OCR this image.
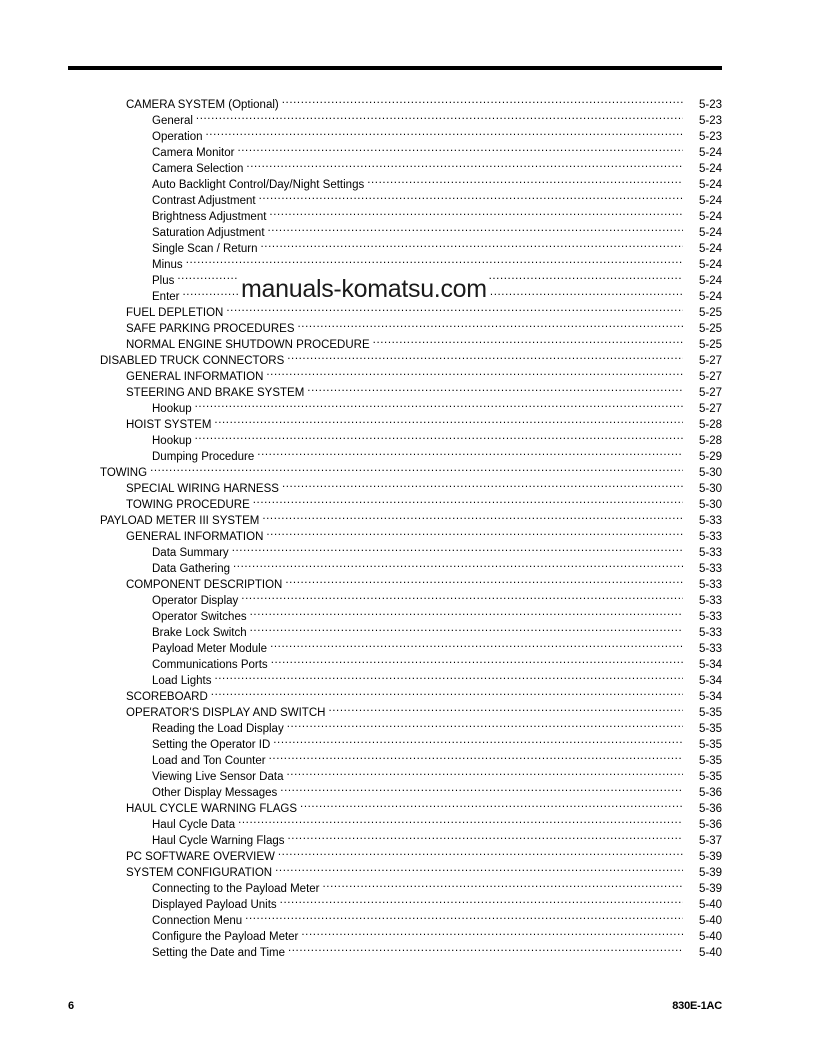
CAMERA SYSTEM (Optional) .....	5-23
General .....	5-23
Operation .....	5-23
Camera Monitor .....	5-24
Camera Selection .....	5-24
Auto Backlight Control/Day/Night Settings .....	5-24
Contrast Adjustment .....	5-24
Brightness Adjustment .....	5-24
Saturation Adjustment .....	5-24
Single Scan / Return .....	5-24
Minus .....	5-24
Plus .....	5-24
Enter .....	5-24
FUEL DEPLETION .....	5-25
SAFE PARKING PROCEDURES .....	5-25
NORMAL ENGINE SHUTDOWN PROCEDURE .....	5-25
DISABLED TRUCK CONNECTORS .....	5-27
GENERAL INFORMATION .....	5-27
STEERING AND BRAKE SYSTEM .....	5-27
Hookup .....	5-27
HOIST SYSTEM .....	5-28
Hookup .....	5-28
Dumping Procedure .....	5-29
TOWING .....	5-30
SPECIAL WIRING HARNESS .....	5-30
TOWING PROCEDURE .....	5-30
PAYLOAD METER III SYSTEM .....	5-33
GENERAL INFORMATION .....	5-33
Data Summary .....	5-33
Data Gathering .....	5-33
COMPONENT DESCRIPTION .....	5-33
Operator Display .....	5-33
Operator Switches .....	5-33
Brake Lock Switch .....	5-33
Payload Meter Module .....	5-33
Communications Ports .....	5-34
Load Lights .....	5-34
SCOREBOARD .....	5-34
OPERATOR'S DISPLAY AND SWITCH .....	5-35
Reading the Load Display .....	5-35
Setting the Operator ID .....	5-35
Load and Ton Counter .....	5-35
Viewing Live Sensor Data .....	5-35
Other Display Messages .....	5-36
HAUL CYCLE WARNING FLAGS .....	5-36
Haul Cycle Data .....	5-36
Haul Cycle Warning Flags .....	5-37
PC SOFTWARE OVERVIEW .....	5-39
SYSTEM CONFIGURATION .....	5-39
Connecting to the Payload Meter .....	5-39
Displayed Payload Units .....	5-40
Connection Menu .....	5-40
Configure the Payload Meter .....	5-40
Setting the Date and Time .....	5-40
manuals-komatsu.com
6	830E-1AC
